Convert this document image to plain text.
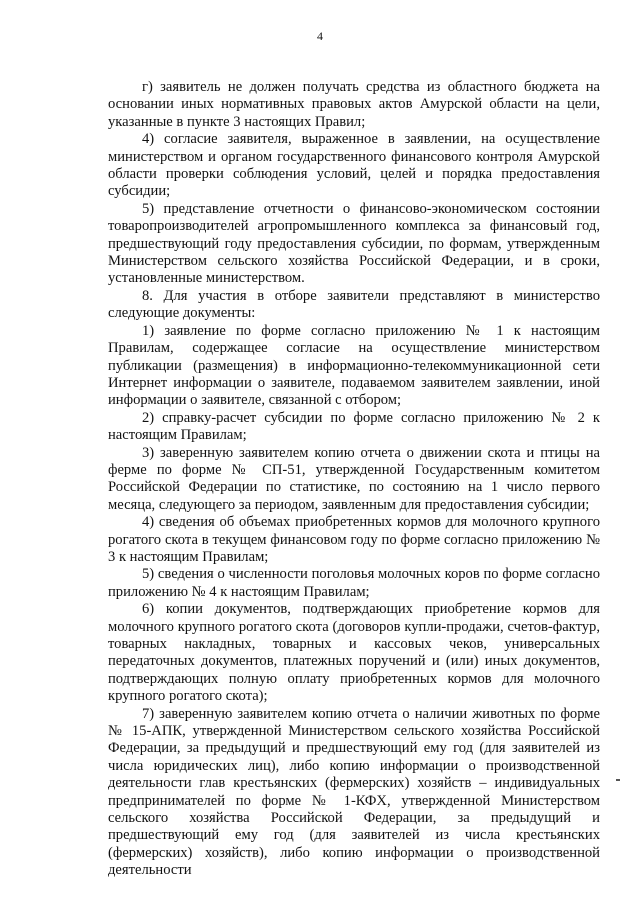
4

г) заявитель не должен получать средства из областного бюджета на основании иных нормативных правовых актов Амурской области на цели, указанные в пункте 3 настоящих Правил;

4) согласие заявителя, выраженное в заявлении, на осуществление министерством и органом государственного финансового контроля Амурской области проверки соблюдения условий, целей и порядка предоставления субсидии;

5) представление отчетности о финансово-экономическом состоянии товаропроизводителей агропромышленного комплекса за финансовый год, предшествующий году предоставления субсидии, по формам, утвержденным Министерством сельского хозяйства Российской Федерации, и в сроки, установленные министерством.

8. Для участия в отборе заявители представляют в министерство следующие документы:

1) заявление по форме согласно приложению № 1 к настоящим Правилам, содержащее согласие на осуществление министерством публикации (размещения) в информационно-телекоммуникационной сети Интернет информации о заявителе, подаваемом заявителем заявлении, иной информации о заявителе, связанной с отбором;

2) справку-расчет субсидии по форме согласно приложению № 2 к настоящим Правилам;

3) заверенную заявителем копию отчета о движении скота и птицы на ферме по форме № СП-51, утвержденной Государственным комитетом Российской Федерации по статистике, по состоянию на 1 число первого месяца, следующего за периодом, заявленным для предоставления субсидии;

4) сведения об объемах приобретенных кормов для молочного крупного рогатого скота в текущем финансовом году по форме согласно приложению № 3 к настоящим Правилам;

5) сведения о численности поголовья молочных коров по форме согласно приложению № 4 к настоящим Правилам;

6) копии документов, подтверждающих приобретение кормов для молочного крупного рогатого скота (договоров купли-продажи, счетов-фактур, товарных накладных, товарных и кассовых чеков, универсальных передаточных документов, платежных поручений и (или) иных документов, подтверждающих полную оплату приобретенных кормов для молочного крупного рогатого скота);

7) заверенную заявителем копию отчета о наличии животных по форме № 15-АПК, утвержденной Министерством сельского хозяйства Российской Федерации, за предыдущий и предшествующий ему год (для заявителей из числа юридических лиц), либо копию информации о производственной деятельности глав крестьянских (фермерских) хозяйств – индивидуальных предпринимателей по форме № 1-КФХ, утвержденной Министерством сельского хозяйства Российской Федерации, за предыдущий и предшествующий ему год (для заявителей из числа крестьянских (фермерских) хозяйств), либо копию информации о производственной деятельности
